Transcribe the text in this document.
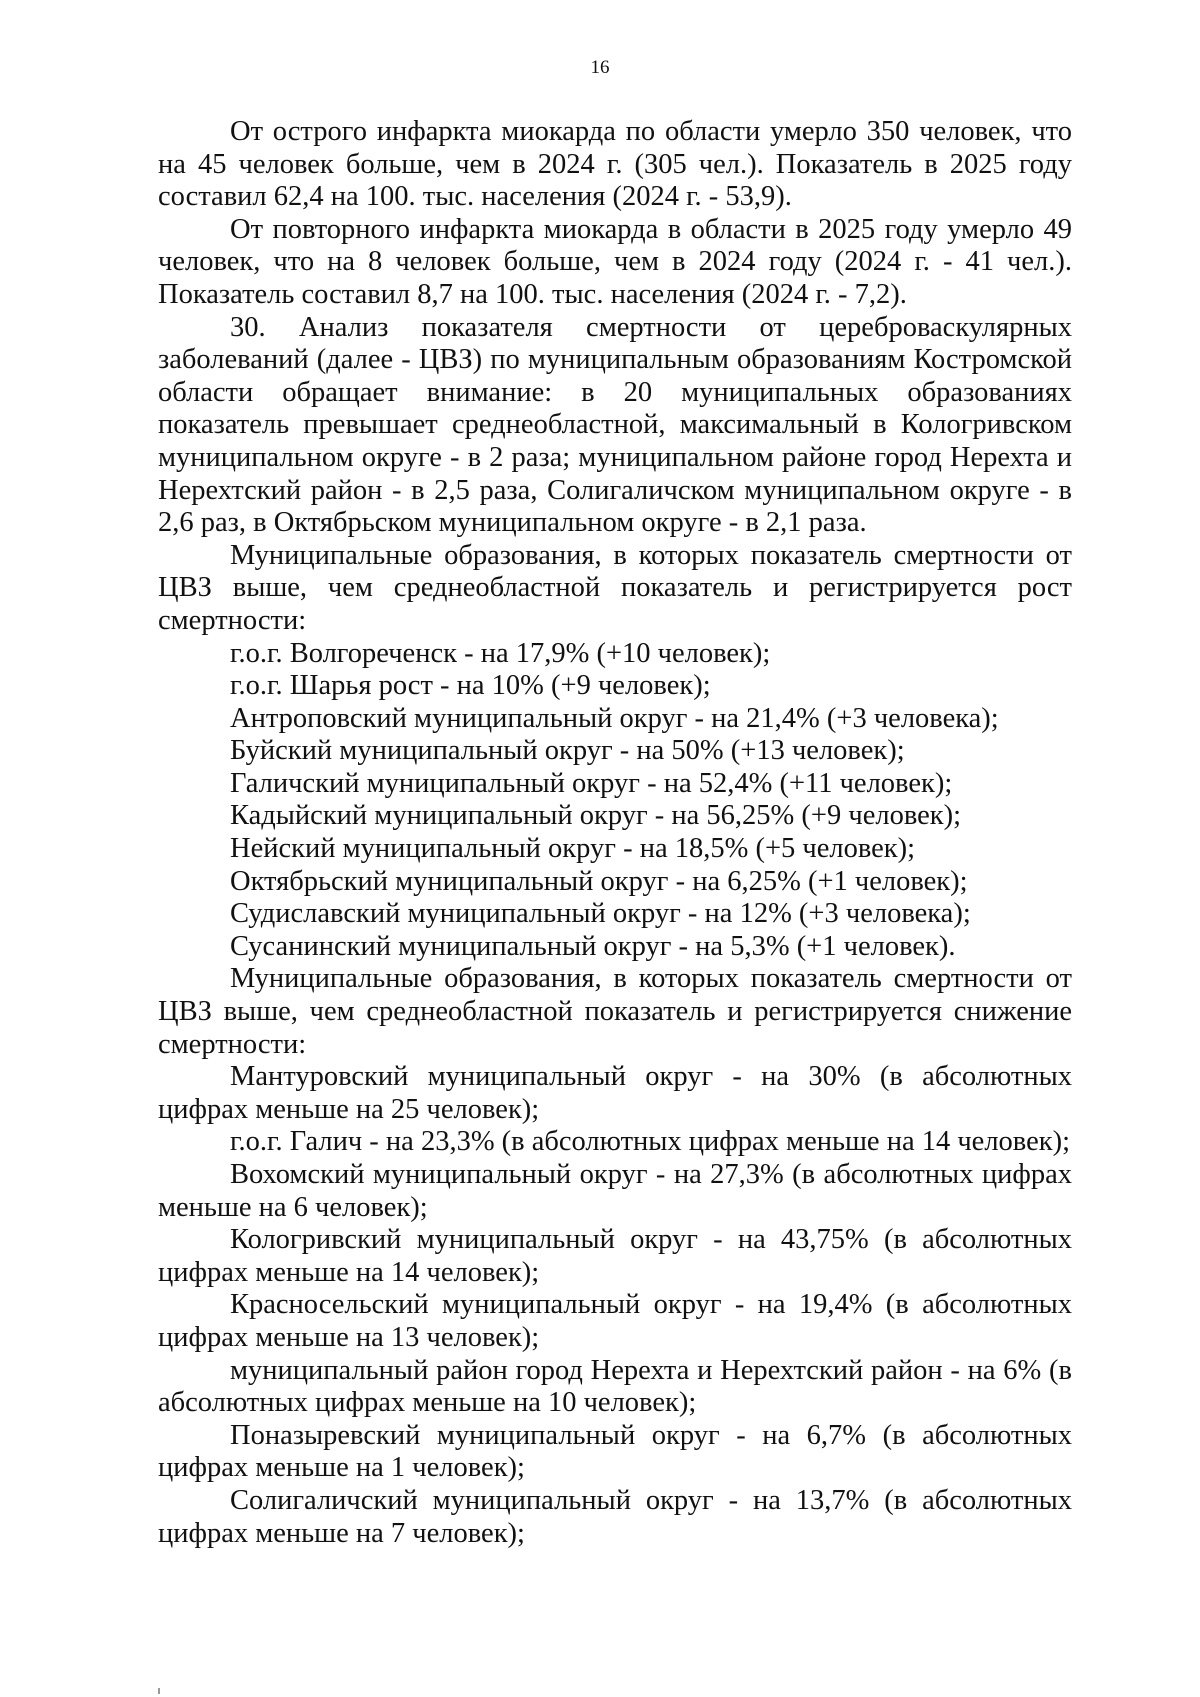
16

От острого инфаркта миокарда по области умерло 350 человек, что на 45 человек больше, чем в 2024 г. (305 чел.). Показатель в 2025 году составил 62,4 на 100. тыс. населения (2024 г. - 53,9).

От повторного инфаркта миокарда в области в 2025 году умерло 49 человек, что на 8 человек больше, чем в 2024 году (2024 г. - 41 чел.). Показатель составил 8,7 на 100. тыс. населения (2024 г. - 7,2).

30. Анализ показателя смертности от цереброваскулярных заболеваний (далее - ЦВЗ) по муниципальным образованиям Костромской области обращает внимание: в 20 муниципальных образованиях показатель превышает среднеобластной, максимальный в Кологривском муниципальном округе - в 2 раза; муниципальном районе город Нерехта и Нерехтский район - в 2,5 раза, Солигаличском муниципальном округе - в 2,6 раз, в Октябрьском муниципальном округе - в 2,1 раза.

Муниципальные образования, в которых показатель смертности от ЦВЗ выше, чем среднеобластной показатель и регистрируется рост смертности:

г.о.г. Волгореченск - на 17,9% (+10 человек);

г.о.г. Шарья рост - на 10% (+9 человек);

Антроповский муниципальный округ - на 21,4% (+3 человека);

Буйский муниципальный округ - на 50% (+13 человек);

Галичский муниципальный округ - на 52,4% (+11 человек);

Кадыйский муниципальный округ - на 56,25% (+9 человек);

Нейский муниципальный округ - на 18,5% (+5 человек);

Октябрьский муниципальный округ - на 6,25% (+1 человек);

Судиславский муниципальный округ - на 12% (+3 человека);

Сусанинский муниципальный округ - на 5,3% (+1 человек).

Муниципальные образования, в которых показатель смертности от ЦВЗ выше, чем среднеобластной показатель и регистрируется снижение смертности:

Мантуровский муниципальный округ - на 30% (в абсолютных цифрах меньше на 25 человек);

г.о.г. Галич - на 23,3% (в абсолютных цифрах меньше на 14 человек);

Вохомский муниципальный округ - на 27,3% (в абсолютных цифрах меньше на 6 человек);

Кологривский муниципальный округ - на 43,75% (в абсолютных цифрах меньше на 14 человек);

Красносельский муниципальный округ - на 19,4% (в абсолютных цифрах меньше на 13 человек);

муниципальный район город Нерехта и Нерехтский район - на 6% (в абсолютных цифрах меньше на 10 человек);

Поназыревский муниципальный округ - на 6,7% (в абсолютных цифрах меньше на 1 человек);

Солигаличский муниципальный округ - на 13,7% (в абсолютных цифрах меньше на 7 человек);
